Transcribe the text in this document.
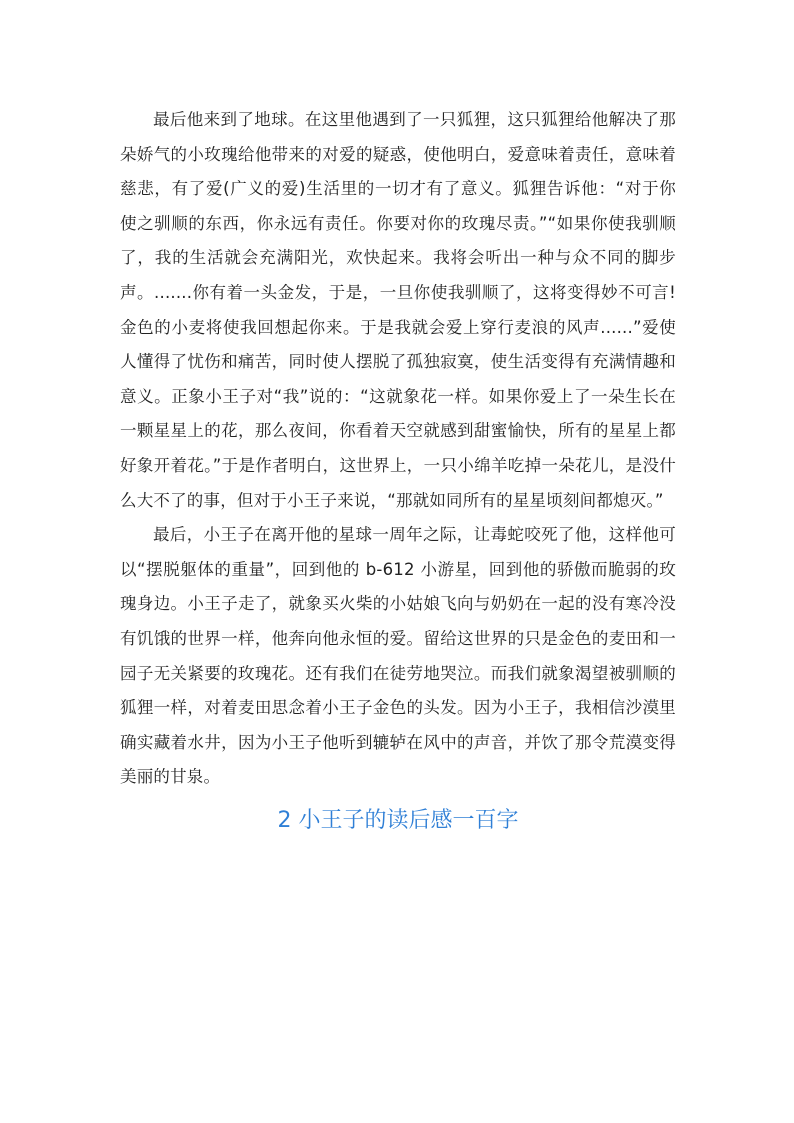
最后他来到了地球。在这里他遇到了一只狐狸，这只狐狸给他解决了那朵娇气的小玫瑰给他带来的对爱的疑惑，使他明白，爱意味着责任，意味着慈悲，有了爱(广义的爱)生活里的一切才有了意义。狐狸告诉他：“对于你使之驯顺的东西，你永远有责任。你要对你的玫瑰尽责。”“如果你使我驯顺了，我的生活就会充满阳光，欢快起来。我将会听出一种与众不同的脚步声。.......你有着一头金发，于是，一旦你使我驯顺了，这将变得妙不可言!金色的小麦将使我回想起你来。于是我就会爱上穿行麦浪的风声......”爱使人懂得了忧伤和痛苦，同时使人摆脱了孤独寂寞，使生活变得有充满情趣和意义。正象小王子对“我”说的：“这就象花一样。如果你爱上了一朵生长在一颗星星上的花，那么夜间，你看着天空就感到甜蜜愉快，所有的星星上都好象开着花。”于是作者明白，这世界上，一只小绵羊吃掉一朵花儿，是没什么大不了的事，但对于小王子来说，“那就如同所有的星星顷刻间都熄灭。”

最后，小王子在离开他的星球一周年之际，让毒蛇咬死了他，这样他可以“摆脱躯体的重量”，回到他的 b-612 小游星，回到他的骄傲而脆弱的玫瑰身边。小王子走了，就象买火柴的小姑娘飞向与奶奶在一起的没有寒冷没有饥饿的世界一样，他奔向他永恒的爱。留给这世界的只是金色的麦田和一园子无关紧要的玫瑰花。还有我们在徒劳地哭泣。而我们就象渴望被驯顺的狐狸一样，对着麦田思念着小王子金色的头发。因为小王子，我相信沙漠里确实藏着水井，因为小王子他听到辘轳在风中的声音，并饮了那令荒漠变得美丽的甘泉。

2 小王子的读后感一百字
